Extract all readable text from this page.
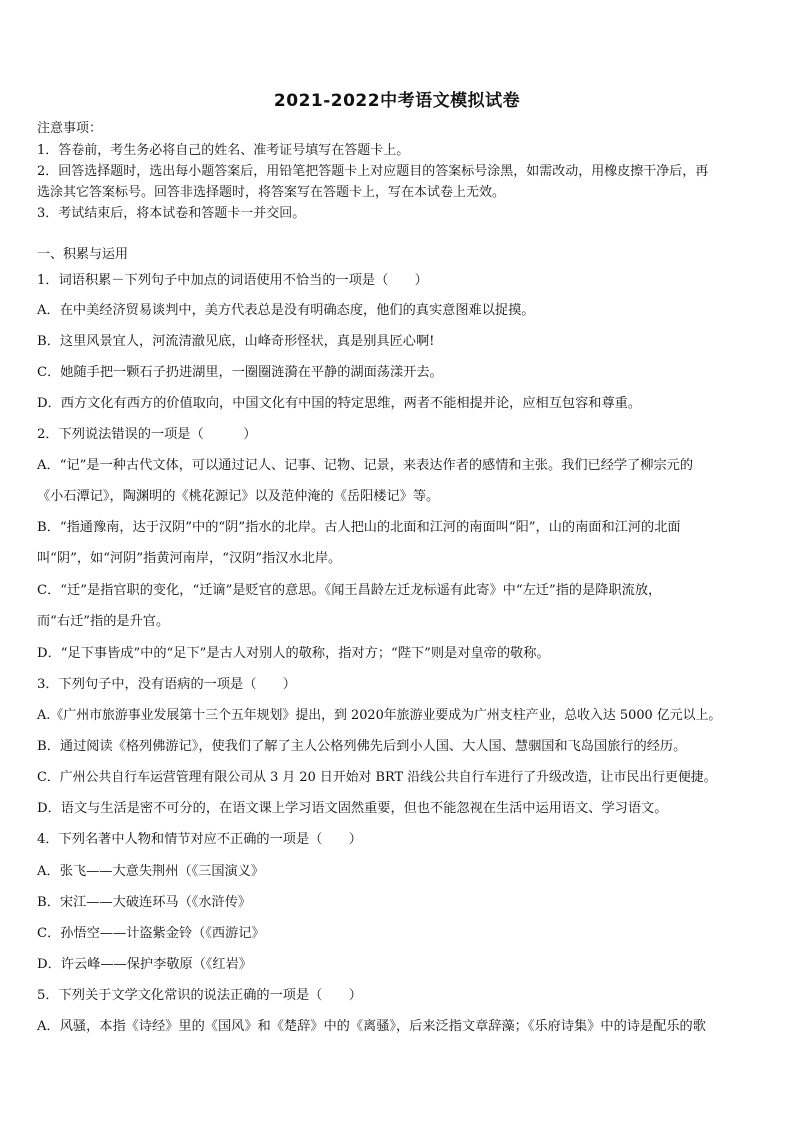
2021-2022中考语文模拟试卷
注意事项：
1．答卷前，考生务必将自己的姓名、准考证号填写在答题卡上。
2．回答选择题时，选出每小题答案后，用铅笔把答题卡上对应题目的答案标号涂黑，如需改动，用橡皮擦干净后，再
选涂其它答案标号。回答非选择题时，将答案写在答题卡上，写在本试卷上无效。
3．考试结束后，将本试卷和答题卡一并交回。
一、积累与运用
1．词语积累－下列句子中加点的词语使用不恰当的一项是（　　）
A．在中美经济贸易谈判中，美方代表总是没有明确态度，他们的真实意图难以捉摸。
B．这里风景宜人，河流清澈见底，山峰奇形怪状，真是别具匠心啊!
C．她随手把一颗石子扔进湖里，一圈圈涟漪在平静的湖面荡漾开去。
D．西方文化有西方的价值取向，中国文化有中国的特定思维，两者不能相提并论，应相互包容和尊重。
2．下列说法错误的一项是（　　　）
A．“记”是一种古代文体，可以通过记人、记事、记物、记景，来表达作者的感情和主张。我们已经学了柳宗元的
《小石潭记》，陶渊明的《桃花源记》以及范仲淹的《岳阳楼记》等。
B．“指通豫南，达于汉阴”中的“阴”指水的北岸。古人把山的北面和江河的南面叫“阳”，山的南面和江河的北面
叫“阴”，如“河阴”指黄河南岸，“汉阴”指汉水北岸。
C．“迁”是指官职的变化，“迁谪”是贬官的意思。《闻王昌龄左迁龙标遥有此寄》中“左迁”指的是降职流放，
而“右迁”指的是升官。
D．“足下事皆成”中的“足下”是古人对别人的敬称，指对方；“陛下”则是对皇帝的敬称。
3．下列句子中，没有语病的一项是（　　）
A.《广州市旅游事业发展第十三个五年规划》提出，到 2020年旅游业要成为广州支柱产业，总收入达 5000 亿元以上。
B．通过阅读《格列佛游记》，使我们了解了主人公格列佛先后到小人国、大人国、慧骃国和飞岛国旅行的经历。
C．广州公共自行车运营管理有限公司从 3 月 20 日开始对 BRT 沿线公共自行车进行了升级改造，让市民出行更便捷。
D．语文与生活是密不可分的，在语文课上学习语文固然重要，但也不能忽视在生活中运用语文、学习语文。
4．下列名著中人物和情节对应不正确的一项是（　　）
A．张飞——大意失荆州（《三国演义》
B．宋江——大破连环马（《水浒传》
C．孙悟空——计盗紫金铃（《西游记》
D．许云峰——保护李敬原（《红岩》
5．下列关于文学文化常识的说法正确的一项是（　　）
A．风骚，本指《诗经》里的《国风》和《楚辞》中的《离骚》，后来泛指文章辞藻；《乐府诗集》中的诗是配乐的歌
